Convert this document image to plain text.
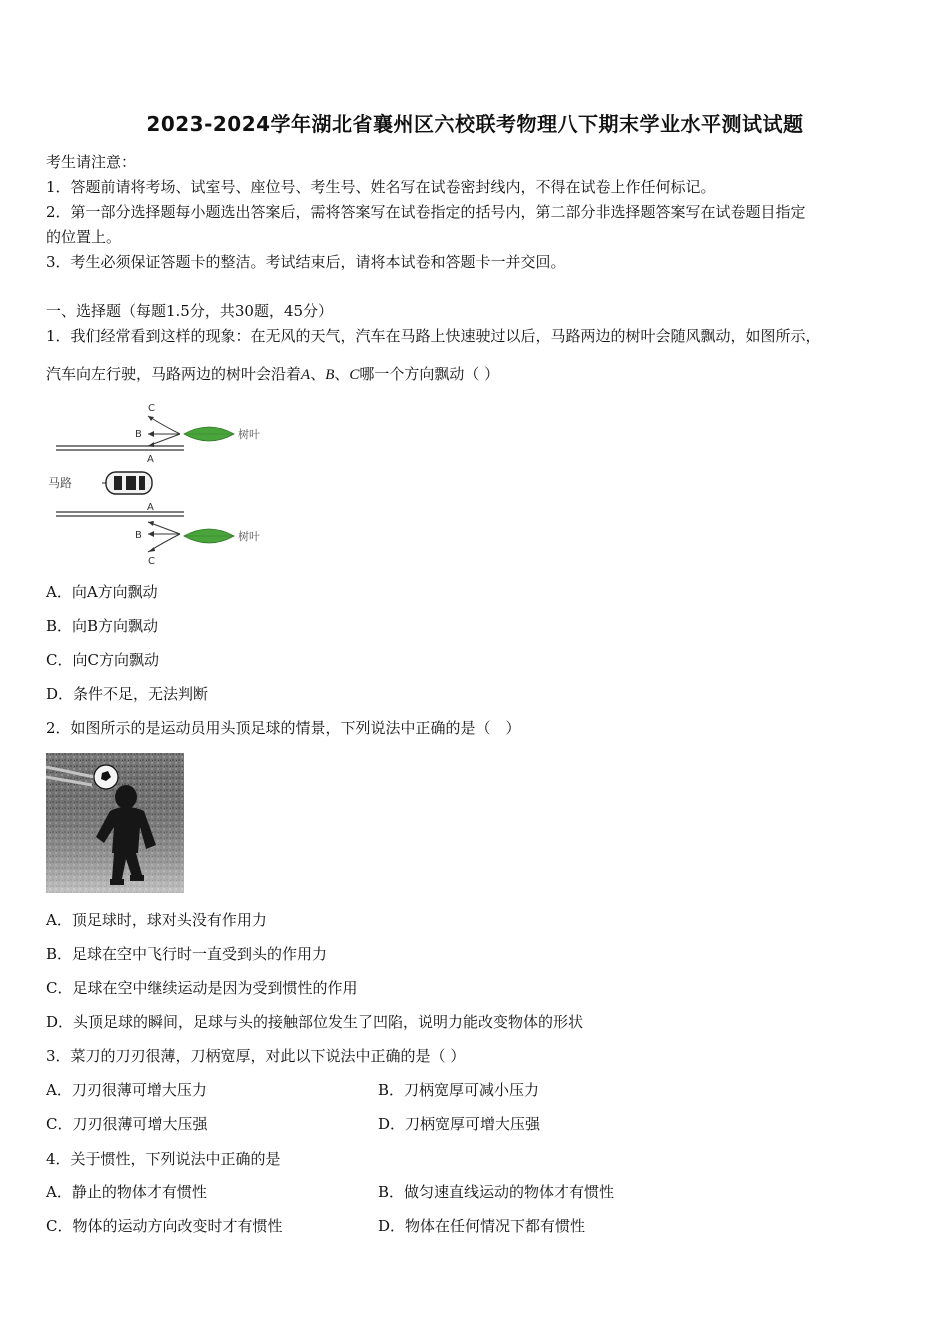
2023-2024学年湖北省襄州区六校联考物理八下期末学业水平测试试题
考生请注意：
1．答题前请将考场、试室号、座位号、考生号、姓名写在试卷密封线内，不得在试卷上作任何标记。
2．第一部分选择题每小题选出答案后，需将答案写在试卷指定的括号内，第二部分非选择题答案写在试卷题目指定
的位置上。
3．考生必须保证答题卡的整洁。考试结束后，请将本试卷和答题卡一并交回。
一、选择题（每题1.5分，共30题，45分）
1．我们经常看到这样的现象：在无风的天气，汽车在马路上快速驶过以后，马路两边的树叶会随风飘动，如图所示，
汽车向左行驶，马路两边的树叶会沿着A、B、C哪一个方向飘动（ ）
C
B
A
树叶
马路
A
B
C
树叶
A．向A方向飘动
B．向B方向飘动
C．向C方向飘动
D．条件不足，无法判断
2．如图所示的是运动员用头顶足球的情景，下列说法中正确的是（　）
A．顶足球时，球对头没有作用力
B．足球在空中飞行时一直受到头的作用力
C．足球在空中继续运动是因为受到惯性的作用
D．头顶足球的瞬间，足球与头的接触部位发生了凹陷，说明力能改变物体的形状
3．菜刀的刀刃很薄，刀柄宽厚，对此以下说法中正确的是（ ）
A．刀刃很薄可增大压力	B．刀柄宽厚可减小压力
C．刀刃很薄可增大压强	D．刀柄宽厚可增大压强
4．关于惯性，下列说法中正确的是
A．静止的物体才有惯性	B．做匀速直线运动的物体才有惯性
C．物体的运动方向改变时才有惯性	D．物体在任何情况下都有惯性
